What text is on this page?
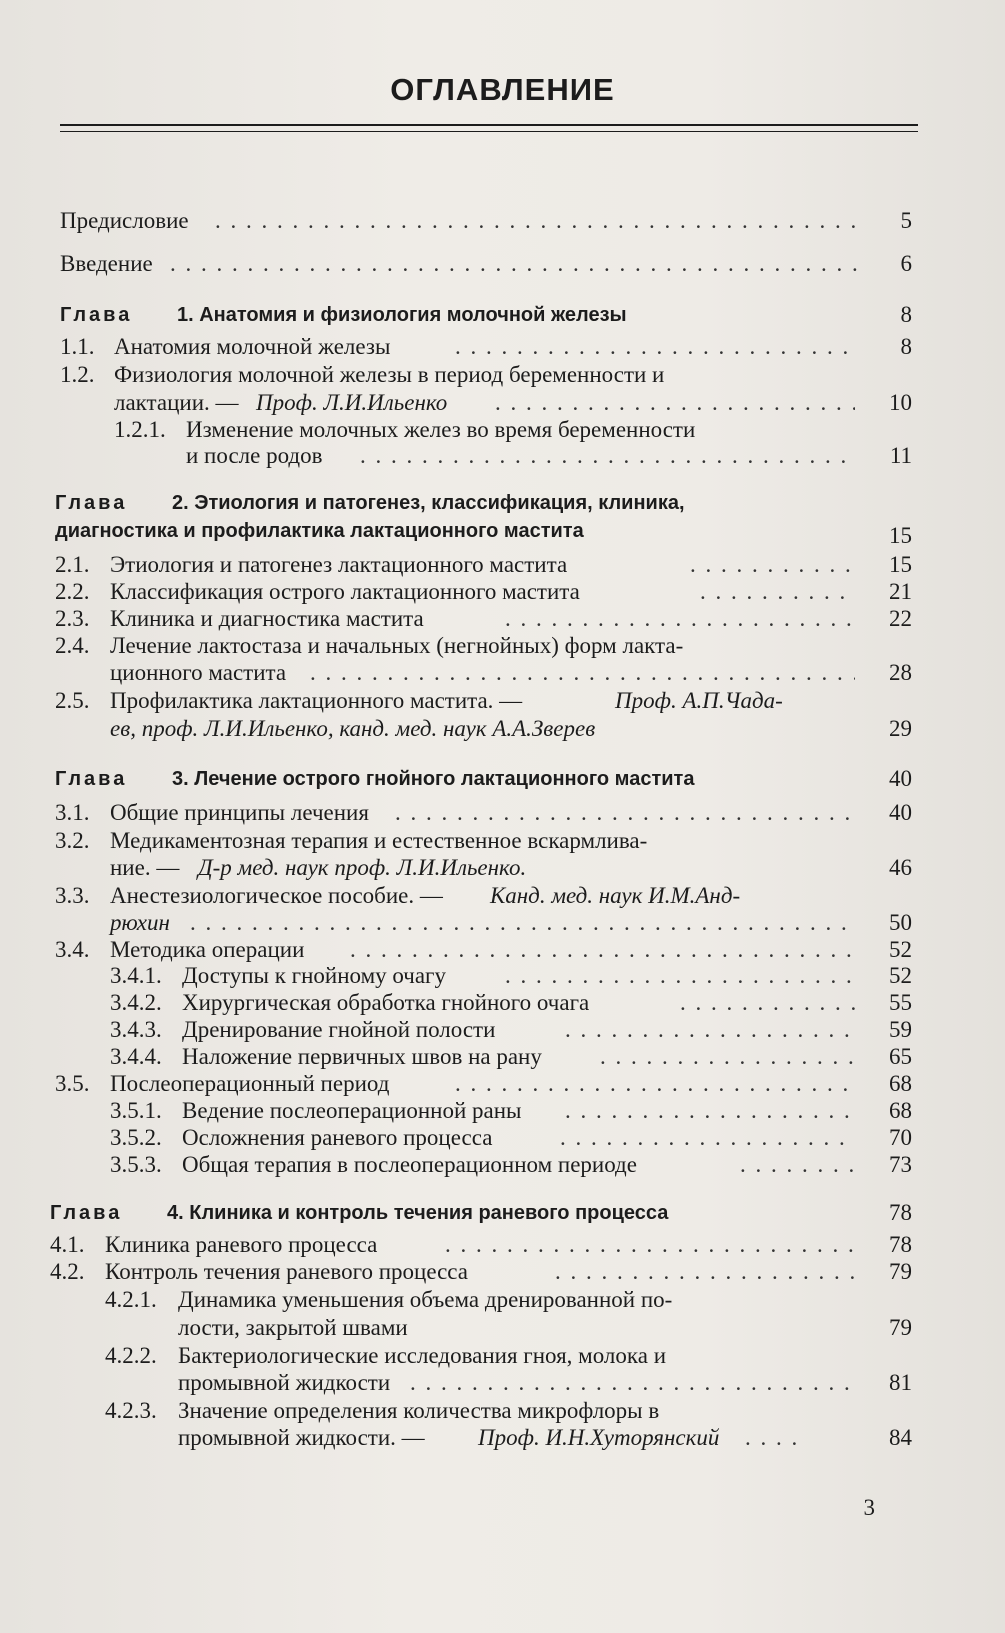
ОГЛАВЛЕНИЕ
Предисловие . . .	5
Введение . . .	6
Глава 1. Анатомия и физиология молочной железы	8
1.1. Анатомия молочной железы . . .	8
1.2. Физиология молочной железы в период беременности и
лактации. — Проф. Л.И.Ильенко . . .	10
1.2.1. Изменение молочных желез во время беременности
и после родов . . .	11
Глава 2. Этиология и патогенез, классификация, клиника,
диагностика и профилактика лактационного мастита	15
2.1. Этиология и патогенез лактационного мастита . . .	15
2.2. Классификация острого лактационного мастита . . .	21
2.3. Клиника и диагностика мастита . . .	22
2.4. Лечение лактостаза и начальных (негнойных) форм лакта-
ционного мастита . . .	28
2.5. Профилактика лактационного мастита. —	Проф. А.П.Чада-
ев, проф. Л.И.Ильенко, канд. мед. наук А.А.Зверев	29
Глава 3. Лечение острого гнойного лактационного мастита	40
3.1. Общие принципы лечения . . .	40
3.2. Медикаментозная терапия и естественное вскармлива-
ние. — Д-р мед. наук проф. Л.И.Ильенко.	46
3.3. Анестезиологическое пособие. — Канд. мед. наук И.М.Анд-
рюхин . . .	50
3.4. Методика операции . . .	52
3.4.1. Доступы к гнойному очагу . . .	52
3.4.2. Хирургическая обработка гнойного очага . . .	55
3.4.3. Дренирование гнойной полости . . .	59
3.4.4. Наложение первичных швов на рану . . .	65
3.5. Послеоперационный период . . .	68
3.5.1. Ведение послеоперационной раны . . .	68
3.5.2. Осложнения раневого процесса . . .	70
3.5.3. Общая терапия в послеоперационном периоде . . .	73
Глава 4. Клиника и контроль течения раневого процесса	78
4.1. Клиника раневого процесса . . .	78
4.2. Контроль течения раневого процесса . . .	79
4.2.1. Динамика уменьшения объема дренированной по-
лости, закрытой швами	79
4.2.2. Бактериологические исследования гноя, молока и
промывной жидкости . . .	81
4.2.3. Значение определения количества микрофлоры в
промывной жидкости. — Проф. И.Н.Хуторянский . . .	84
3
